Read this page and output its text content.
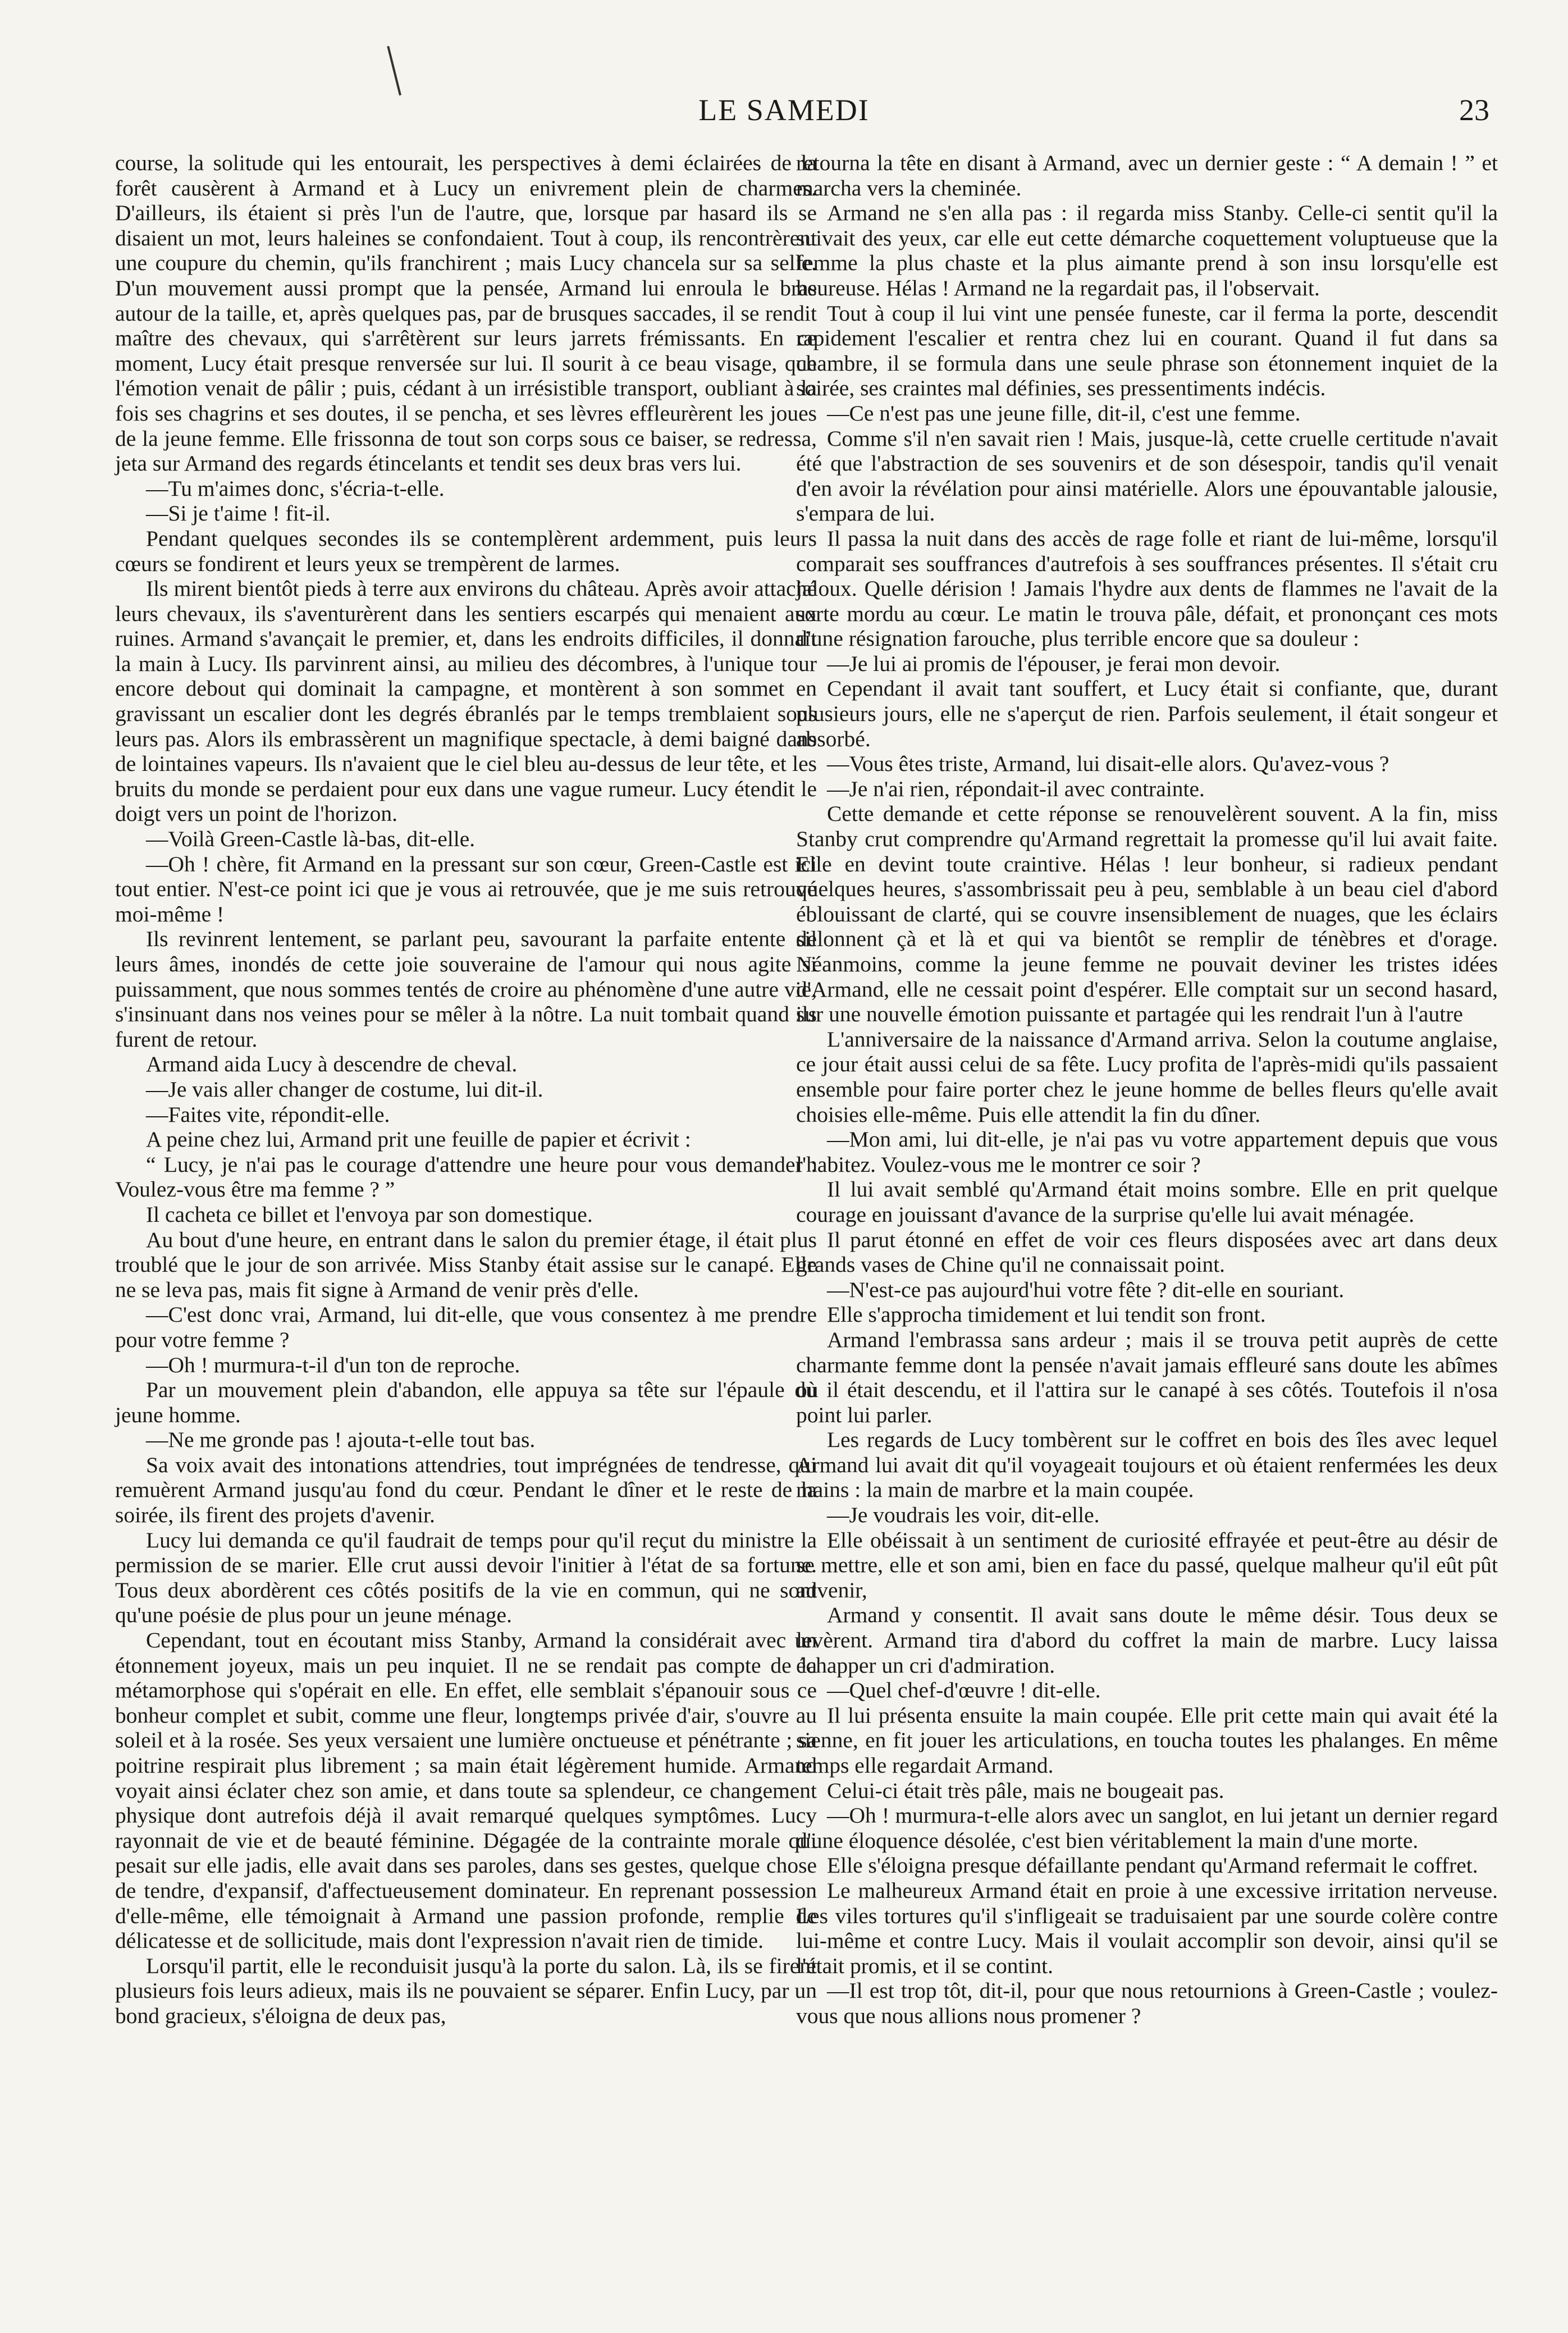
LE SAMEDI	23

course, la solitude qui les entourait, les perspectives à demi éclairées de la forêt causèrent à Armand et à Lucy un enivrement plein de charmes. D'ailleurs, ils étaient si près l'un de l'autre, que, lorsque par hasard ils se disaient un mot, leurs haleines se confondaient. Tout à coup, ils rencontrèrent une coupure du chemin, qu'ils franchirent ; mais Lucy chancela sur sa selle. D'un mouvement aussi prompt que la pensée, Armand lui enroula le bras autour de la taille, et, après quelques pas, par de brusques saccades, il se rendit maître des chevaux, qui s'arrêtèrent sur leurs jarrets frémissants. En ce moment, Lucy était presque renversée sur lui. Il sourit à ce beau visage, que l'émotion venait de pâlir ; puis, cédant à un irrésistible transport, oubliant à la fois ses chagrins et ses doutes, il se pencha, et ses lèvres effleurèrent les joues de la jeune femme. Elle frissonna de tout son corps sous ce baiser, se redressa, jeta sur Armand des regards étincelants et tendit ses deux bras vers lui.

—Tu m'aimes donc, s'écria-t-elle.

—Si je t'aime ! fit-il.

Pendant quelques secondes ils se contemplèrent ardemment, puis leurs cœurs se fondirent et leurs yeux se trempèrent de larmes.

Ils mirent bientôt pieds à terre aux environs du château. Après avoir attaché leurs chevaux, ils s'aventurèrent dans les sentiers escarpés qui menaient aux ruines. Armand s'avançait le premier, et, dans les endroits difficiles, il donnait la main à Lucy. Ils parvinrent ainsi, au milieu des décombres, à l'unique tour encore debout qui dominait la campagne, et montèrent à son sommet en gravissant un escalier dont les degrés ébranlés par le temps tremblaient sous leurs pas. Alors ils embrassèrent un magnifique spectacle, à demi baigné dans de lointaines vapeurs. Ils n'avaient que le ciel bleu au-dessus de leur tête, et les bruits du monde se perdaient pour eux dans une vague rumeur. Lucy étendit le doigt vers un point de l'horizon.

—Voilà Green-Castle là-bas, dit-elle.

—Oh ! chère, fit Armand en la pressant sur son cœur, Green-Castle est ici tout entier. N'est-ce point ici que je vous ai retrouvée, que je me suis retrouvé moi-même !

Ils revinrent lentement, se parlant peu, savourant la parfaite entente de leurs âmes, inondés de cette joie souveraine de l'amour qui nous agite si puissamment, que nous sommes tentés de croire au phénomène d'une autre vie, s'insinuant dans nos veines pour se mêler à la nôtre. La nuit tombait quand ils furent de retour.

Armand aida Lucy à descendre de cheval.

—Je vais aller changer de costume, lui dit-il.

—Faites vite, répondit-elle.

A peine chez lui, Armand prit une feuille de papier et écrivit :

“ Lucy, je n'ai pas le courage d'attendre une heure pour vous demander : Voulez-vous être ma femme ? ”

Il cacheta ce billet et l'envoya par son domestique.

Au bout d'une heure, en entrant dans le salon du premier étage, il était plus troublé que le jour de son arrivée. Miss Stanby était assise sur le canapé. Elle ne se leva pas, mais fit signe à Armand de venir près d'elle.

—C'est donc vrai, Armand, lui dit-elle, que vous consentez à me prendre pour votre femme ?

—Oh ! murmura-t-il d'un ton de reproche.

Par un mouvement plein d'abandon, elle appuya sa tête sur l'épaule du jeune homme.

—Ne me gronde pas ! ajouta-t-elle tout bas.

Sa voix avait des intonations attendries, tout imprégnées de tendresse, qui remuèrent Armand jusqu'au fond du cœur. Pendant le dîner et le reste de la soirée, ils firent des projets d'avenir.

Lucy lui demanda ce qu'il faudrait de temps pour qu'il reçut du ministre la permission de se marier. Elle crut aussi devoir l'initier à l'état de sa fortune. Tous deux abordèrent ces côtés positifs de la vie en commun, qui ne sont qu'une poésie de plus pour un jeune ménage.

Cependant, tout en écoutant miss Stanby, Armand la considérait avec un étonnement joyeux, mais un peu inquiet. Il ne se rendait pas compte de la métamorphose qui s'opérait en elle. En effet, elle semblait s'épanouir sous ce bonheur complet et subit, comme une fleur, longtemps privée d'air, s'ouvre au soleil et à la rosée. Ses yeux versaient une lumière onctueuse et pénétrante ; sa poitrine respirait plus librement ; sa main était légèrement humide. Armand voyait ainsi éclater chez son amie, et dans toute sa splendeur, ce changement physique dont autrefois déjà il avait remarqué quelques symptômes. Lucy rayonnait de vie et de beauté féminine. Dégagée de la contrainte morale qui pesait sur elle jadis, elle avait dans ses paroles, dans ses gestes, quelque chose de tendre, d'expansif, d'affectueusement dominateur. En reprenant possession d'elle-même, elle témoignait à Armand une passion profonde, remplie de délicatesse et de sollicitude, mais dont l'expression n'avait rien de timide.

Lorsqu'il partit, elle le reconduisit jusqu'à la porte du salon. Là, ils se firent plusieurs fois leurs adieux, mais ils ne pouvaient se séparer. Enfin Lucy, par un bond gracieux, s'éloigna de deux pas,

retourna la tête en disant à Armand, avec un dernier geste : “ A demain ! ” et marcha vers la cheminée.

Armand ne s'en alla pas : il regarda miss Stanby. Celle-ci sentit qu'il la suivait des yeux, car elle eut cette démarche coquettement voluptueuse que la femme la plus chaste et la plus aimante prend à son insu lorsqu'elle est heureuse. Hélas ! Armand ne la regardait pas, il l'observait.

Tout à coup il lui vint une pensée funeste, car il ferma la porte, descendit rapidement l'escalier et rentra chez lui en courant. Quand il fut dans sa chambre, il se formula dans une seule phrase son étonnement inquiet de la soirée, ses craintes mal définies, ses pressentiments indécis.

—Ce n'est pas une jeune fille, dit-il, c'est une femme.

Comme s'il n'en savait rien ! Mais, jusque-là, cette cruelle certitude n'avait été que l'abstraction de ses souvenirs et de son désespoir, tandis qu'il venait d'en avoir la révélation pour ainsi matérielle. Alors une épouvantable jalousie, s'empara de lui.

Il passa la nuit dans des accès de rage folle et riant de lui-même, lorsqu'il comparait ses souffrances d'autrefois à ses souffrances présentes. Il s'était cru jaloux. Quelle dérision ! Jamais l'hydre aux dents de flammes ne l'avait de la sorte mordu au cœur. Le matin le trouva pâle, défait, et prononçant ces mots d'une résignation farouche, plus terrible encore que sa douleur :

—Je lui ai promis de l'épouser, je ferai mon devoir.

Cependant il avait tant souffert, et Lucy était si confiante, que, durant plusieurs jours, elle ne s'aperçut de rien. Parfois seulement, il était songeur et absorbé.

—Vous êtes triste, Armand, lui disait-elle alors. Qu'avez-vous ?

—Je n'ai rien, répondait-il avec contrainte.

Cette demande et cette réponse se renouvelèrent souvent. A la fin, miss Stanby crut comprendre qu'Armand regrettait la promesse qu'il lui avait faite. Elle en devint toute craintive. Hélas ! leur bonheur, si radieux pendant quelques heures, s'assombrissait peu à peu, semblable à un beau ciel d'abord éblouissant de clarté, qui se couvre insensiblement de nuages, que les éclairs sillonnent çà et là et qui va bientôt se remplir de ténèbres et d'orage. Néanmoins, comme la jeune femme ne pouvait deviner les tristes idées d'Armand, elle ne cessait point d'espérer. Elle comptait sur un second hasard, sur une nouvelle émotion puissante et partagée qui les rendrait l'un à l'autre

L'anniversaire de la naissance d'Armand arriva. Selon la coutume anglaise, ce jour était aussi celui de sa fête. Lucy profita de l'après-midi qu'ils passaient ensemble pour faire porter chez le jeune homme de belles fleurs qu'elle avait choisies elle-même. Puis elle attendit la fin du dîner.

—Mon ami, lui dit-elle, je n'ai pas vu votre appartement depuis que vous l'habitez. Voulez-vous me le montrer ce soir ?

Il lui avait semblé qu'Armand était moins sombre. Elle en prit quelque courage en jouissant d'avance de la surprise qu'elle lui avait ménagée.

Il parut étonné en effet de voir ces fleurs disposées avec art dans deux grands vases de Chine qu'il ne connaissait point.

—N'est-ce pas aujourd'hui votre fête ? dit-elle en souriant.

Elle s'approcha timidement et lui tendit son front.

Armand l'embrassa sans ardeur ; mais il se trouva petit auprès de cette charmante femme dont la pensée n'avait jamais effleuré sans doute les abîmes où il était descendu, et il l'attira sur le canapé à ses côtés. Toutefois il n'osa point lui parler.

Les regards de Lucy tombèrent sur le coffret en bois des îles avec lequel Armand lui avait dit qu'il voyageait toujours et où étaient renfermées les deux mains : la main de marbre et la main coupée.

—Je voudrais les voir, dit-elle.

Elle obéissait à un sentiment de curiosité effrayée et peut-être au désir de se mettre, elle et son ami, bien en face du passé, quelque malheur qu'il eût pût advenir,

Armand y consentit. Il avait sans doute le même désir. Tous deux se levèrent. Armand tira d'abord du coffret la main de marbre. Lucy laissa échapper un cri d'admiration.

—Quel chef-d'œuvre ! dit-elle.

Il lui présenta ensuite la main coupée. Elle prit cette main qui avait été la sienne, en fit jouer les articulations, en toucha toutes les phalanges. En même temps elle regardait Armand.

Celui-ci était très pâle, mais ne bougeait pas.

—Oh ! murmura-t-elle alors avec un sanglot, en lui jetant un dernier regard d'une éloquence désolée, c'est bien véritablement la main d'une morte.

Elle s'éloigna presque défaillante pendant qu'Armand refermait le coffret.

Le malheureux Armand était en proie à une excessive irritation nerveuse. Les viles tortures qu'il s'infligeait se traduisaient par une sourde colère contre lui-même et contre Lucy. Mais il voulait accomplir son devoir, ainsi qu'il se l'était promis, et il se contint.

—Il est trop tôt, dit-il, pour que nous retournions à Green-Castle ; voulez-vous que nous allions nous promener ?
